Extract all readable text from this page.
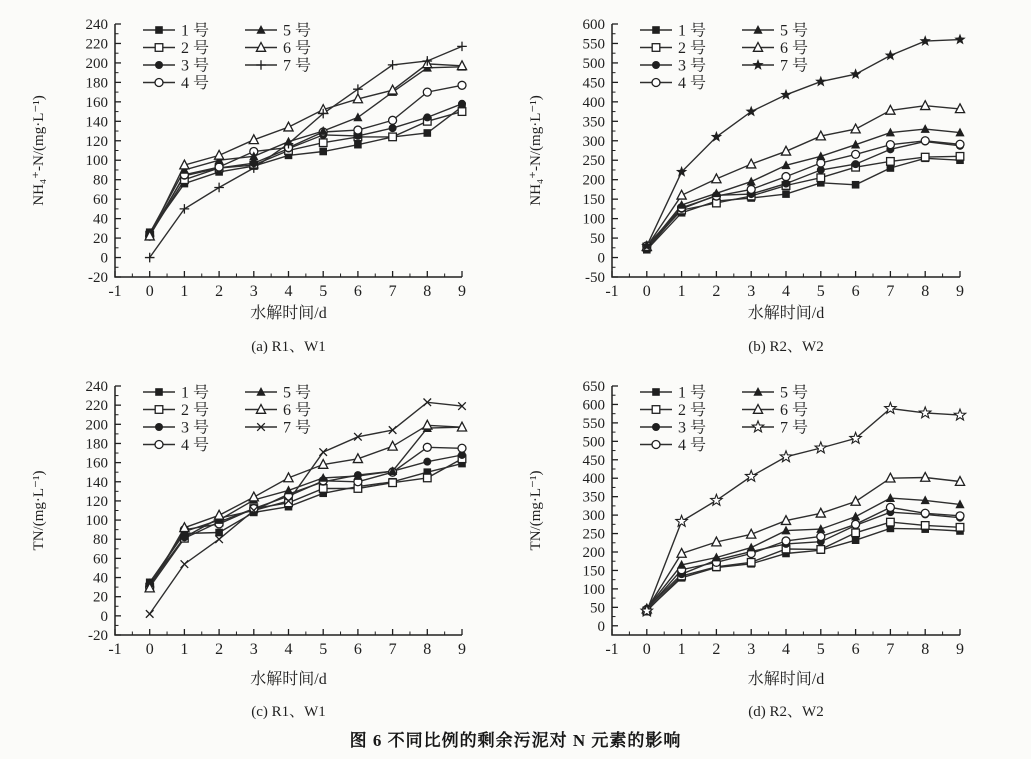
-20
0
20
40
60
80
100
120
140
160
180
200
220
240
-1 0 1 2 3 4 5 6 7 8 9
NH₄⁺-N/(mg·L⁻¹)
1 号
2 号
3 号
4 号
5 号
6 号
7 号
水解时间/d
(a) R1、W1
-50
0
50
100
150
200
250
300
350
400
450
500
550
600
-1 0 1 2 3 4 5 6 7 8 9
NH₄⁺-N/(mg·L⁻¹)
1 号
2 号
3 号
4 号
5 号
6 号
7 号
水解时间/d
(b) R2、W2
-20
0
20
40
60
80
100
120
140
160
180
200
220
240
-1 0 1 2 3 4 5 6 7 8 9
TN/(mg·L⁻¹)
1 号
2 号
3 号
4 号
5 号
6 号
7 号
水解时间/d
(c) R1、W1
0
50
100
150
200
250
300
350
400
450
500
550
600
650
-1 0 1 2 3 4 5 6 7 8 9
TN/(mg·L⁻¹)
1 号
2 号
3 号
4 号
5 号
6 号
7 号
水解时间/d
(d) R2、W2
图 6 不同比例的剩余污泥对 N 元素的影响
